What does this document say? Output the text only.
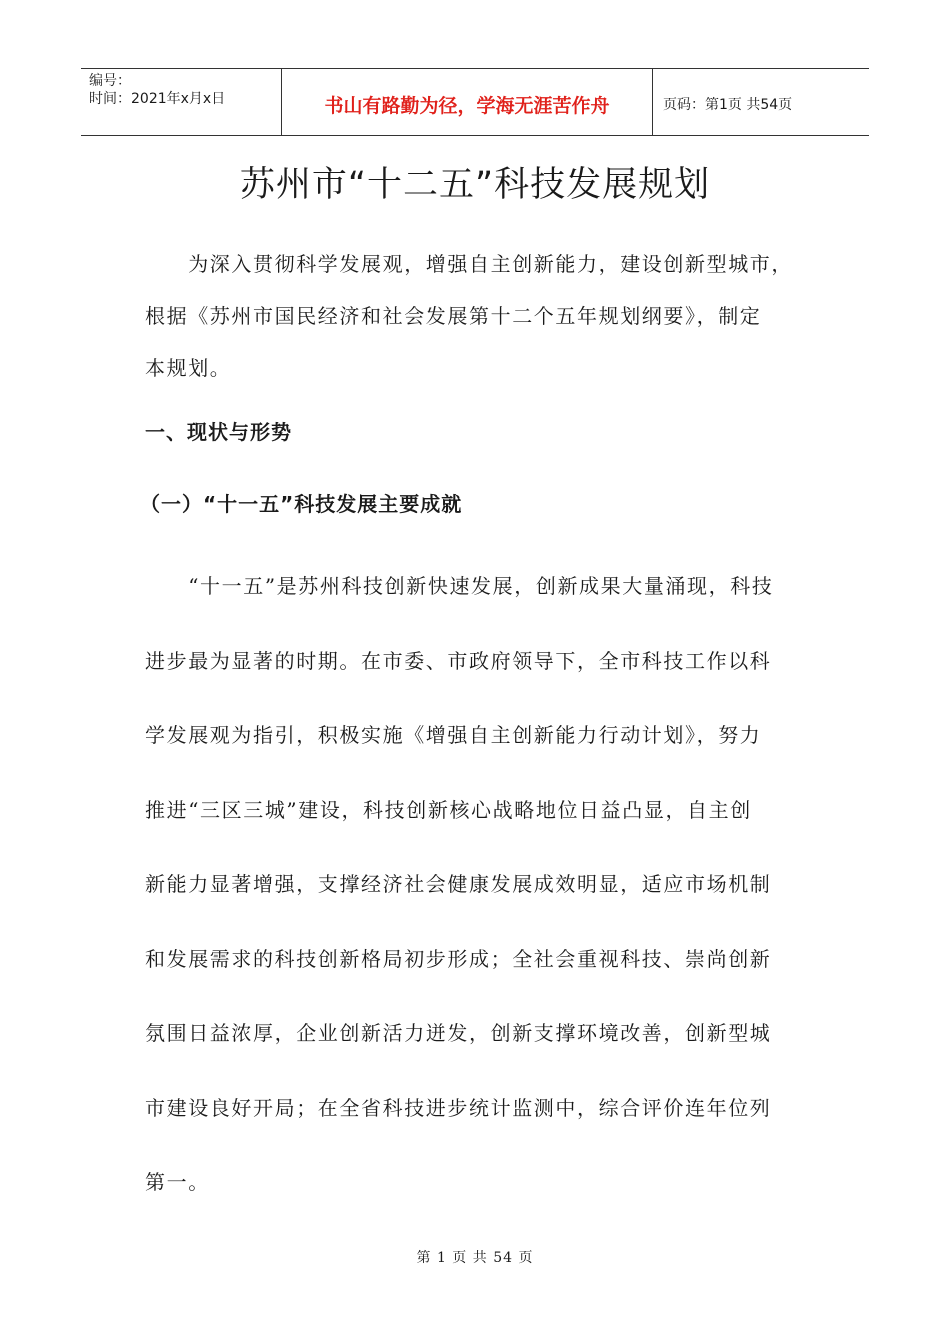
编号：
时间：2021年x月x日	书山有路勤为径，学海无涯苦作舟	页码：第1页 共54页
苏州市“十二五”科技发展规划
　　为深入贯彻科学发展观，增强自主创新能力，建设创新型城市，
根据《苏州市国民经济和社会发展第十二个五年规划纲要》，制定
本规划。
一、现状与形势
（一）“十一五”科技发展主要成就
　　“十一五”是苏州科技创新快速发展，创新成果大量涌现，科技
进步最为显著的时期。在市委、市政府领导下，全市科技工作以科
学发展观为指引，积极实施《增强自主创新能力行动计划》，努力
推进“三区三城”建设，科技创新核心战略地位日益凸显，自主创
新能力显著增强，支撑经济社会健康发展成效明显，适应市场机制
和发展需求的科技创新格局初步形成；全社会重视科技、崇尚创新
氛围日益浓厚，企业创新活力迸发，创新支撑环境改善，创新型城
市建设良好开局；在全省科技进步统计监测中，综合评价连年位列
第一。
第 1 页 共 54 页
